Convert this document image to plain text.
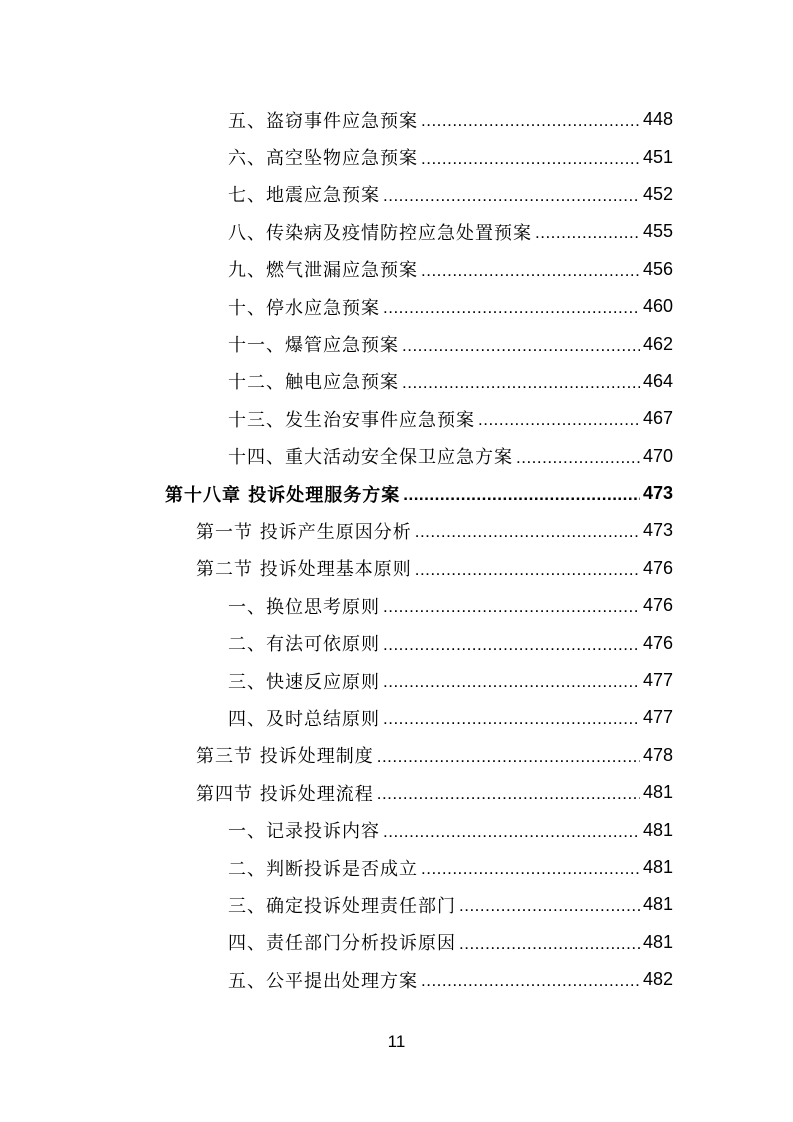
五、盗窃事件应急预案 .....	448
六、高空坠物应急预案 .....	451
七、地震应急预案 .....	452
八、传染病及疫情防控应急处置预案 .....	455
九、燃气泄漏应急预案 .....	456
十、停水应急预案 .....	460
十一、爆管应急预案 .....	462
十二、触电应急预案 .....	464
十三、发生治安事件应急预案 .....	467
十四、重大活动安全保卫应急方案 .....	470
第十八章 投诉处理服务方案 .....	473
第一节 投诉产生原因分析 .....	473
第二节 投诉处理基本原则 .....	476
一、换位思考原则 .....	476
二、有法可依原则 .....	476
三、快速反应原则 .....	477
四、及时总结原则 .....	477
第三节 投诉处理制度 .....	478
第四节 投诉处理流程 .....	481
一、记录投诉内容 .....	481
二、判断投诉是否成立 .....	481
三、确定投诉处理责任部门 .....	481
四、责任部门分析投诉原因 .....	481
五、公平提出处理方案 .....	482
11
